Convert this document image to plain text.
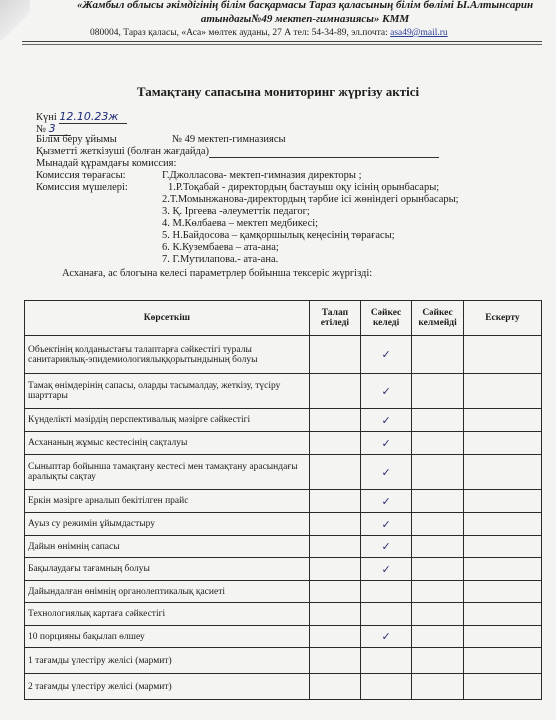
«Жамбыл облысы әкімдігінің білім басқармасы Тараз қаласының білім бөлімі Ы.Алтынсарин атындағы№49 мектеп-гимназиясы» КММ
080004, Тараз қаласы, «Аса» мөлтек ауданы, 27 А тел: 54-34-89, эл.почта: asa49@mail.ru
Тамақтану сапасына мониторинг жүргізу актісі
Күні 12.10.23ж
№ 3
Білім беру ұйымы	№ 49 мектеп-гимназиясы
Қызметті жеткізуші (болған жағдайда)
Мынадай құрамдағы комиссия:
Комиссия төрағасы:	Г.Джолласова- мектеп-гимназия директоры ;
Комиссия мүшелері:	1.Р.Тоқабай - директордың бастауыш оқу ісінің орынбасары;
2.Т.Момынжанова-директордың тәрбие ісі жөніндегі орынбасары;
3. Қ. Іргеева -әлеуметтік педагог;
4. М.Көлбаева – мектеп медбикесі;
5. Н.Байдосова – қамқоршылық кеңесінің төрағасы;
6. К.Кузембаева – ата-ана;
7. Г.Мутилапова.- ата-ана.
Асханаға, ас блогына келесі параметрлер бойынша тексеріс жүргізді:
Көрсеткіш	Талап етіледі	Сәйкес келеді	Сәйкес келмейді	Ескерту
Объектінің колданыстағы талаптарға сәйкестігі туралы санитариялық-эпидемиологиялыққорытындының болуы		✓		
Тамақ өнімдерінің сапасы, оларды тасымалдау, жеткізу, түсіру шарттары		✓		
Күнделікті мәзірдің перспективалық мәзірге сәйкестігі		✓		
Асхананың жұмыс кестесінің сақталуы		✓		
Сыныптар бойынша тамақтану кестесі мен тамақтану арасындағы аралықты сақтау		✓		
Еркін мәзірге арналып бекітілген прайс		✓		
Ауыз су режимін ұйымдастыру		✓		
Дайын өнімнің сапасы		✓		
Бақылаудағы тағамның болуы		✓		
Дайындалған өнімнің органолептикалық қасиеті				
Технологиялық картаға сәйкестігі				
10 порцияны бақылап өлшеу		✓		
1 тағамды үлестіру желісі (мармит)				
2 тағамды үлестіру желісі (мармит)				
